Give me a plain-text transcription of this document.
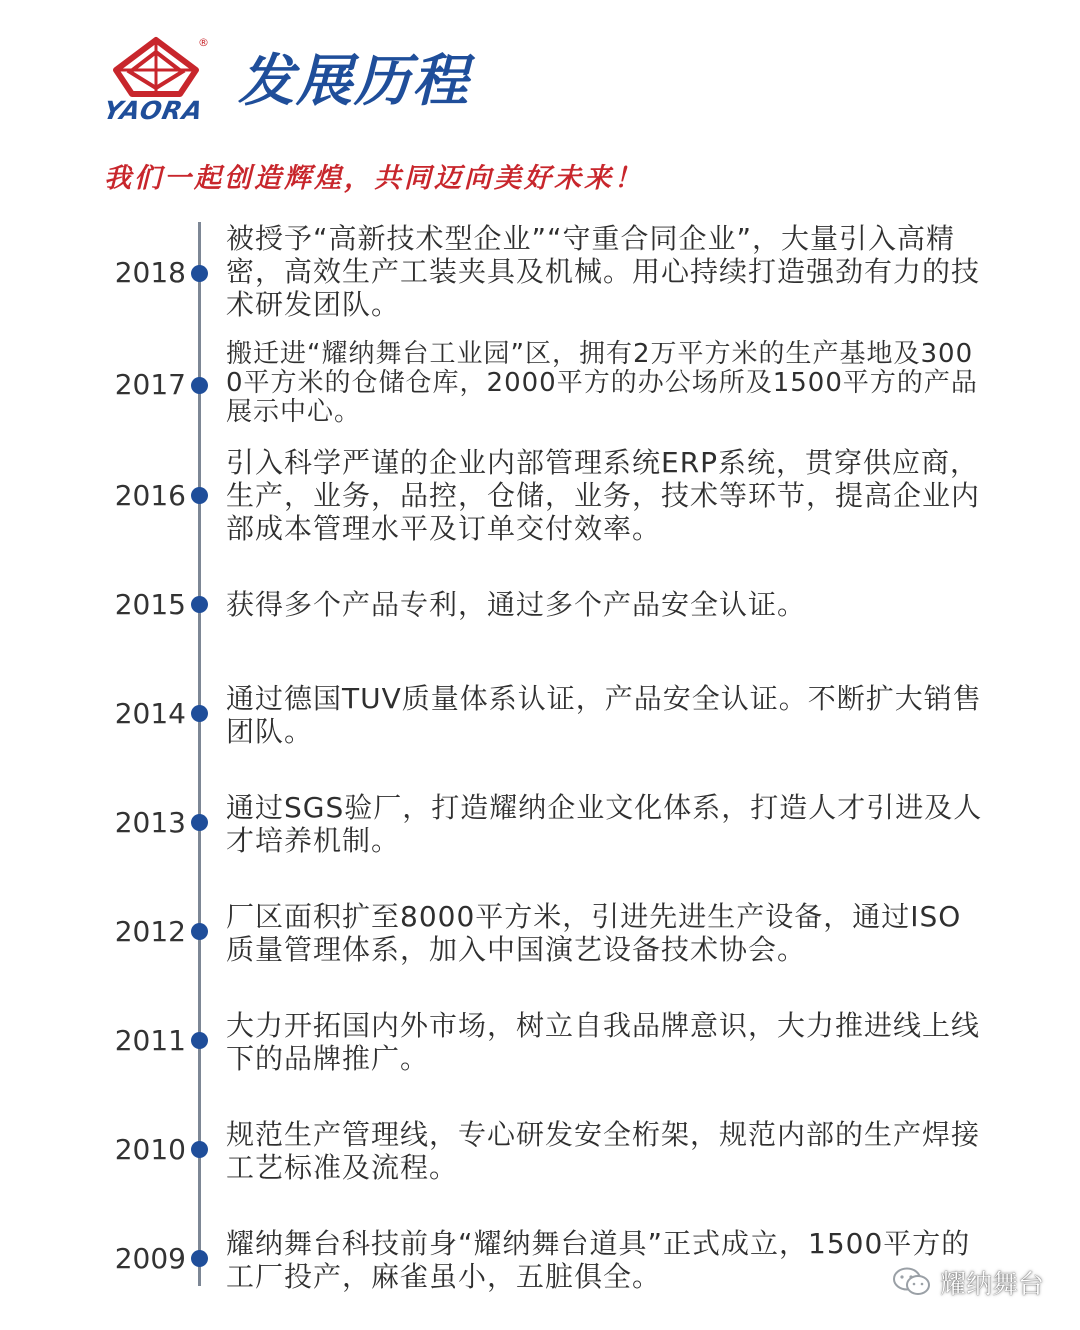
®
YAORA 发展历程
我们一起创造辉煌，共同迈向美好未来！
2018

被授予“高新技术型企业”“守重合同企业”，大量引入高精密，高效生产工装夹具及机械。用心持续打造强劲有力的技术研发团队。

2017

搬迁进“耀纳舞台工业园”区，拥有2万平方米的生产基地及3000平方米的仓储仓库，2000平方的办公场所及1500平方的产品展示中心。

2016

引入科学严谨的企业内部管理系统ERP系统，贯穿供应商，生产，业务，品控，仓储，业务，技术等环节，提高企业内部成本管理水平及订单交付效率。

2015 获得多个产品专利，通过多个产品安全认证。

2014 通过德国TUV质量体系认证，产品安全认证。不断扩大销售团队。

2013 通过SGS验厂，打造耀纳企业文化体系，打造人才引进及人才培养机制。

2012 厂区面积扩至8000平方米，引进先进生产设备，通过ISO质量管理体系，加入中国演艺设备技术协会。

2011 大力开拓国内外市场，树立自我品牌意识，大力推进线上线下的品牌推广。

2010 规范生产管理线，专心研发安全桁架，规范内部的生产焊接工艺标准及流程。

2009 耀纳舞台科技前身“耀纳舞台道具”正式成立，1500平方的工厂投产，麻雀虽小，五脏俱全。	耀纳舞台
